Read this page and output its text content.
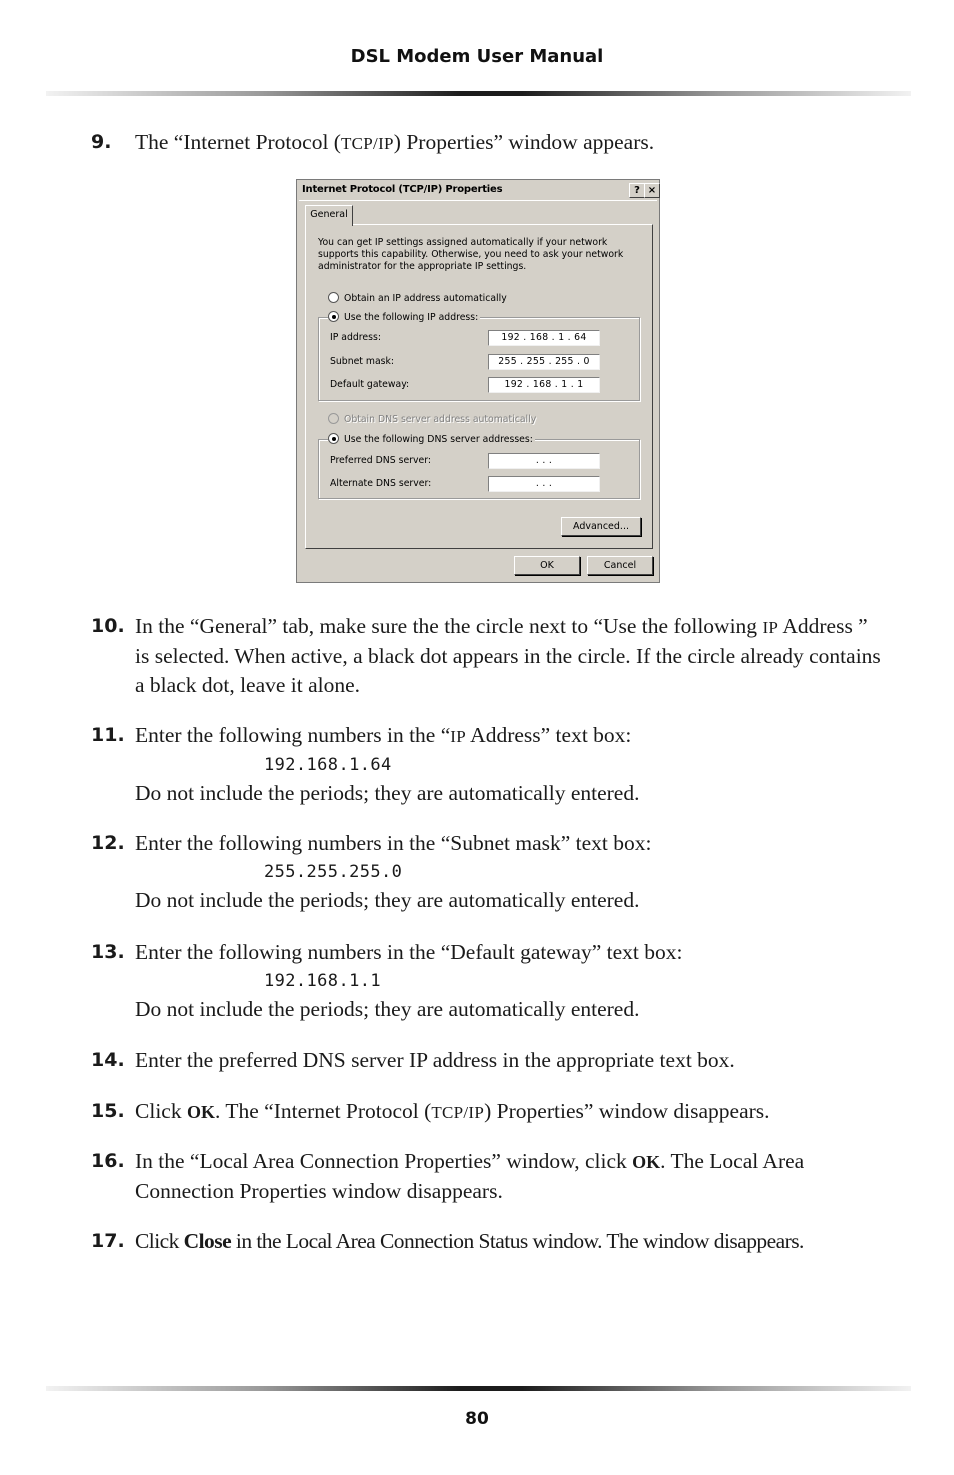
DSL Modem User Manual
9. The “Internet Protocol (TCP/IP) Properties” window appears.
Internet Protocol (TCP/IP) Properties	? ×
General
You can get IP settings assigned automatically if your network supports this capability. Otherwise, you need to ask your network administrator for the appropriate IP settings.
Obtain an IP address automatically
Use the following IP address:
IP address:	192 . 168 . 1 . 64
Subnet mask:	255 . 255 . 255 . 0
Default gateway:	192 . 168 . 1 . 1
Obtain DNS server address automatically
Use the following DNS server addresses:
Preferred DNS server:	. . .
Alternate DNS server:	. . .
Advanced...
OK	Cancel
10. In the “General” tab, make sure the the circle next to “Use the following IP Address ” is selected. When active, a black dot appears in the circle. If the circle already contains a black dot, leave it alone.
11. Enter the following numbers in the “IP Address” text box:
192.168.1.64
Do not include the periods; they are automatically entered.
12. Enter the following numbers in the “Subnet mask” text box:
255.255.255.0
Do not include the periods; they are automatically entered.
13. Enter the following numbers in the “Default gateway” text box:
192.168.1.1
Do not include the periods; they are automatically entered.
14. Enter the preferred DNS server IP address in the appropriate text box.
15. Click OK. The “Internet Protocol (TCP/IP) Properties” window disappears.
16. In the “Local Area Connection Properties” window, click OK. The Local Area Connection Properties window disappears.
17. Click Close in the Local Area Connection Status window. The window disappears.
80
